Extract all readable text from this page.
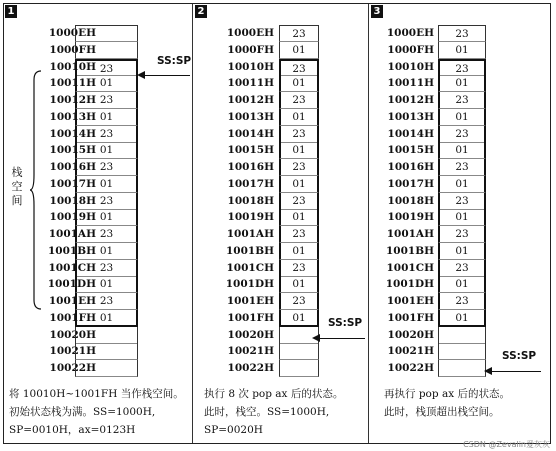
1
1000EH
1000FH
10010H 23
10011H 01
10012H 23
10013H 01
10014H 23
10015H 01
10016H 23
10017H 01
10018H 23
10019H 01
1001AH 23
1001BH 01
1001CH 23
1001DH 01
1001EH 23
1001FH 01
10020H
10021H
10022H
栈空间
SS:SP
将 10010H~1001FH 当作栈空间。
初始状态栈为满。SS=1000H,
SP=0010H，ax=0123H
2
1000EH	23
1000FH	01
10010H	23
10011H	01
10012H	23
10013H	01
10014H	23
10015H	01
10016H	23
10017H	01
10018H	23
10019H	01
1001AH	23
1001BH	01
1001CH	23
1001DH	01
1001EH	23
1001FH	01
10020H
10021H
10022H
SS:SP
执行 8 次 pop ax 后的状态。
此时，栈空。SS=1000H,
SP=0020H
3
1000EH	23
1000FH	01
10010H	23
10011H	01
10012H	23
10013H	01
10014H	23
10015H	01
10016H	23
10017H	01
10018H	23
10019H	01
1001AH	23
1001BH	01
1001CH	23
1001DH	01
1001EH	23
1001FH	01
10020H
10021H
10022H
SS:SP
再执行 pop ax 后的状态。
此时，栈顶超出栈空间。
CSDN @Zevalin爱灰灰
